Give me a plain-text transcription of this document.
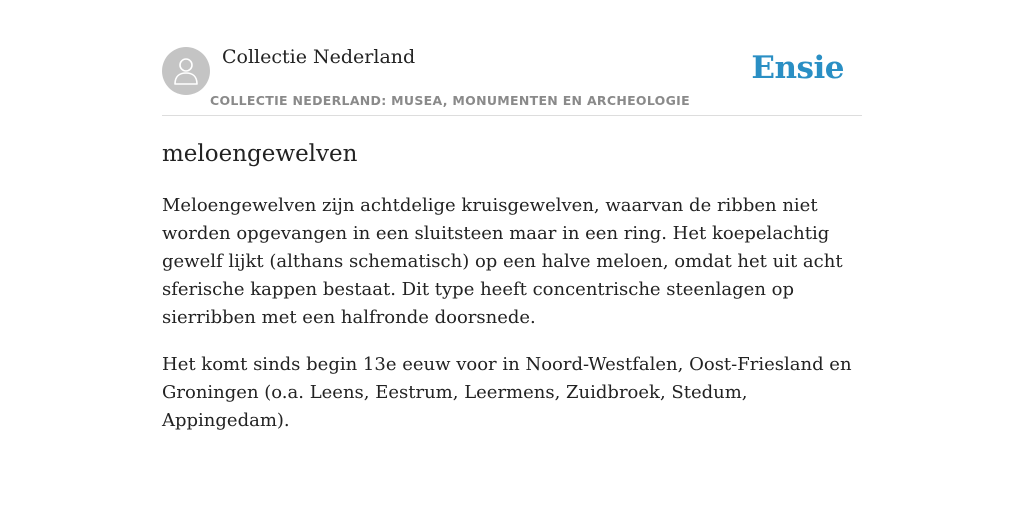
Collectie Nederland
COLLECTIE NEDERLAND: MUSEA, MONUMENTEN EN ARCHEOLOGIE
Ensie
meloengewelven

Meloengewelven zijn achtdelige kruisgewelven, waarvan de ribben niet worden opgevangen in een sluitsteen maar in een ring. Het koepelachtig gewelf lijkt (althans schematisch) op een halve meloen, omdat het uit acht sferische kappen bestaat. Dit type heeft concentrische steenlagen op sierribben met een halfronde doorsnede.

Het komt sinds begin 13e eeuw voor in Noord-Westfalen, Oost-Friesland en Groningen (o.a. Leens, Eestrum, Leermens, Zuidbroek, Stedum, Appingedam).
